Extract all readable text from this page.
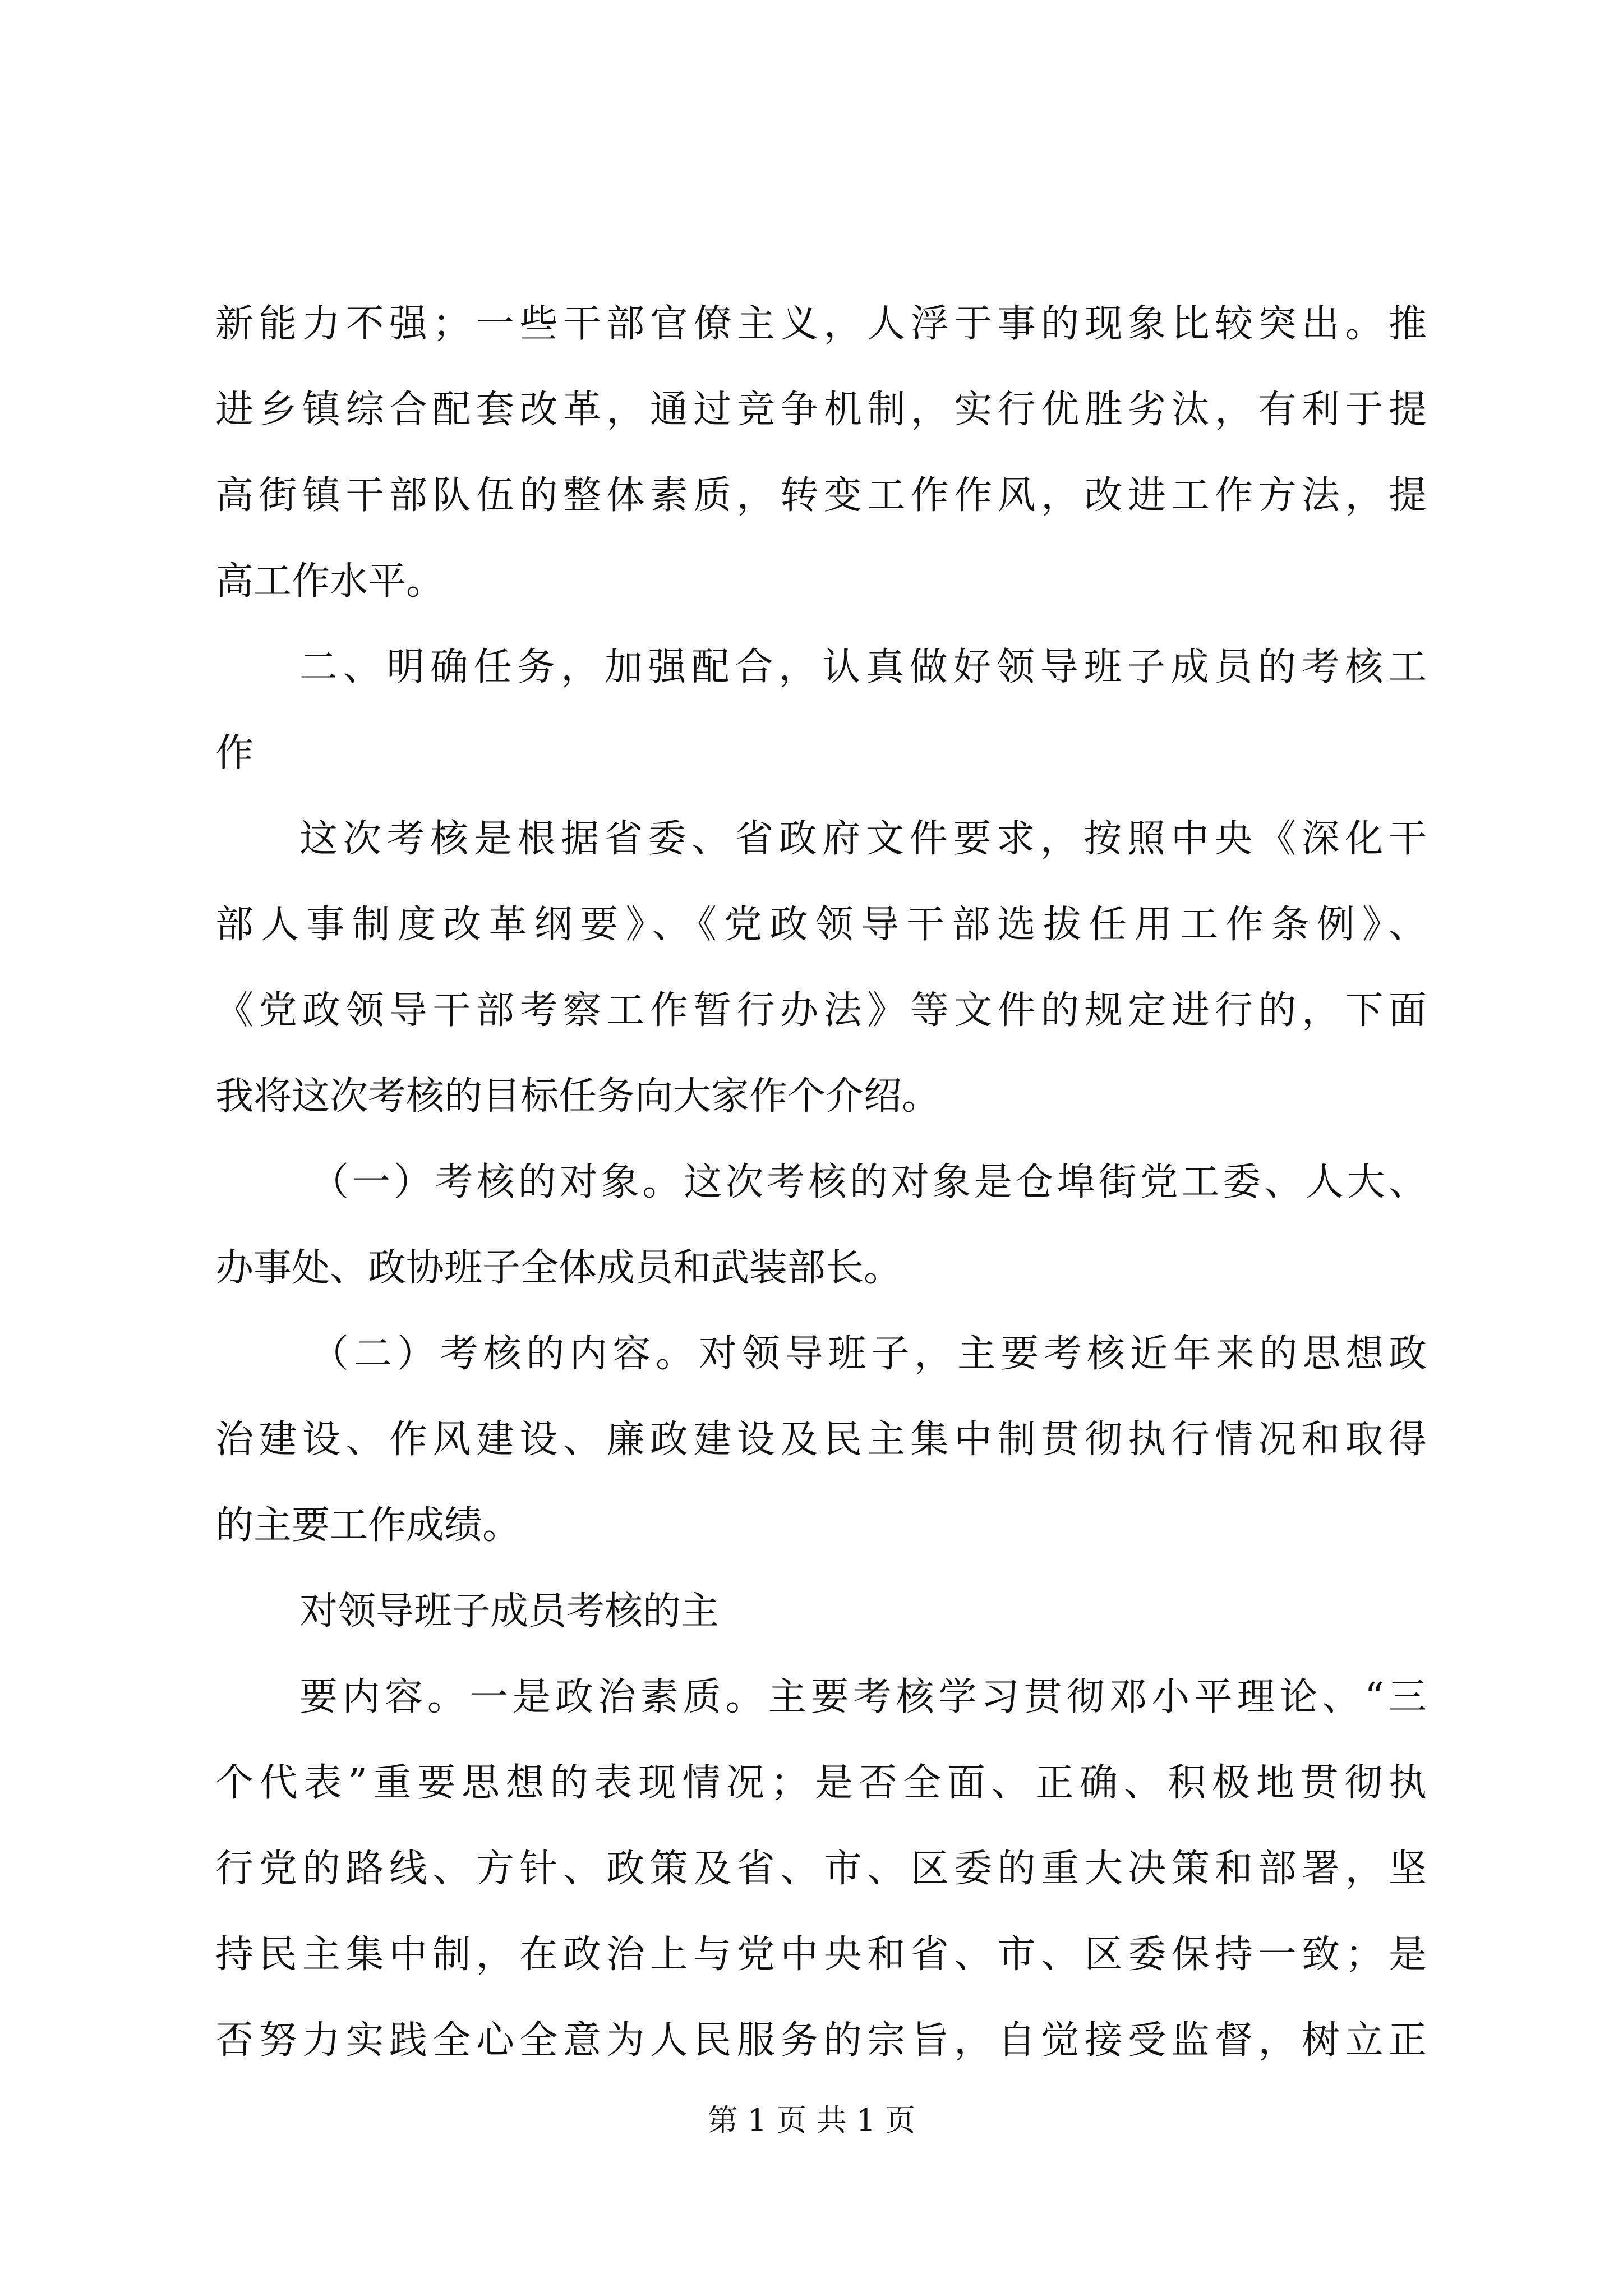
新能力不强；一些干部官僚主义，人浮于事的现象比较突出。推
进乡镇综合配套改革，通过竞争机制，实行优胜劣汰，有利于提
高街镇干部队伍的整体素质，转变工作作风，改进工作方法，提
高工作水平。
二、明确任务，加强配合，认真做好领导班子成员的考核工
作
这次考核是根据省委、省政府文件要求，按照中央《深化干
部人事制度改革纲要》、《党政领导干部选拔任用工作条例》、
《党政领导干部考察工作暂行办法》等文件的规定进行的，下面
我将这次考核的目标任务向大家作个介绍。
（一）考核的对象。这次考核的对象是仓埠街党工委、人大、
办事处、政协班子全体成员和武装部长。
（二）考核的内容。对领导班子，主要考核近年来的思想政
治建设、作风建设、廉政建设及民主集中制贯彻执行情况和取得
的主要工作成绩。
对领导班子成员考核的主
要内容。一是政治素质。主要考核学习贯彻邓小平理论、“三
个代表”重要思想的表现情况；是否全面、正确、积极地贯彻执
行党的路线、方针、政策及省、市、区委的重大决策和部署，坚
持民主集中制，在政治上与党中央和省、市、区委保持一致；是
否努力实践全心全意为人民服务的宗旨，自觉接受监督，树立正
第 1 页 共 1 页
